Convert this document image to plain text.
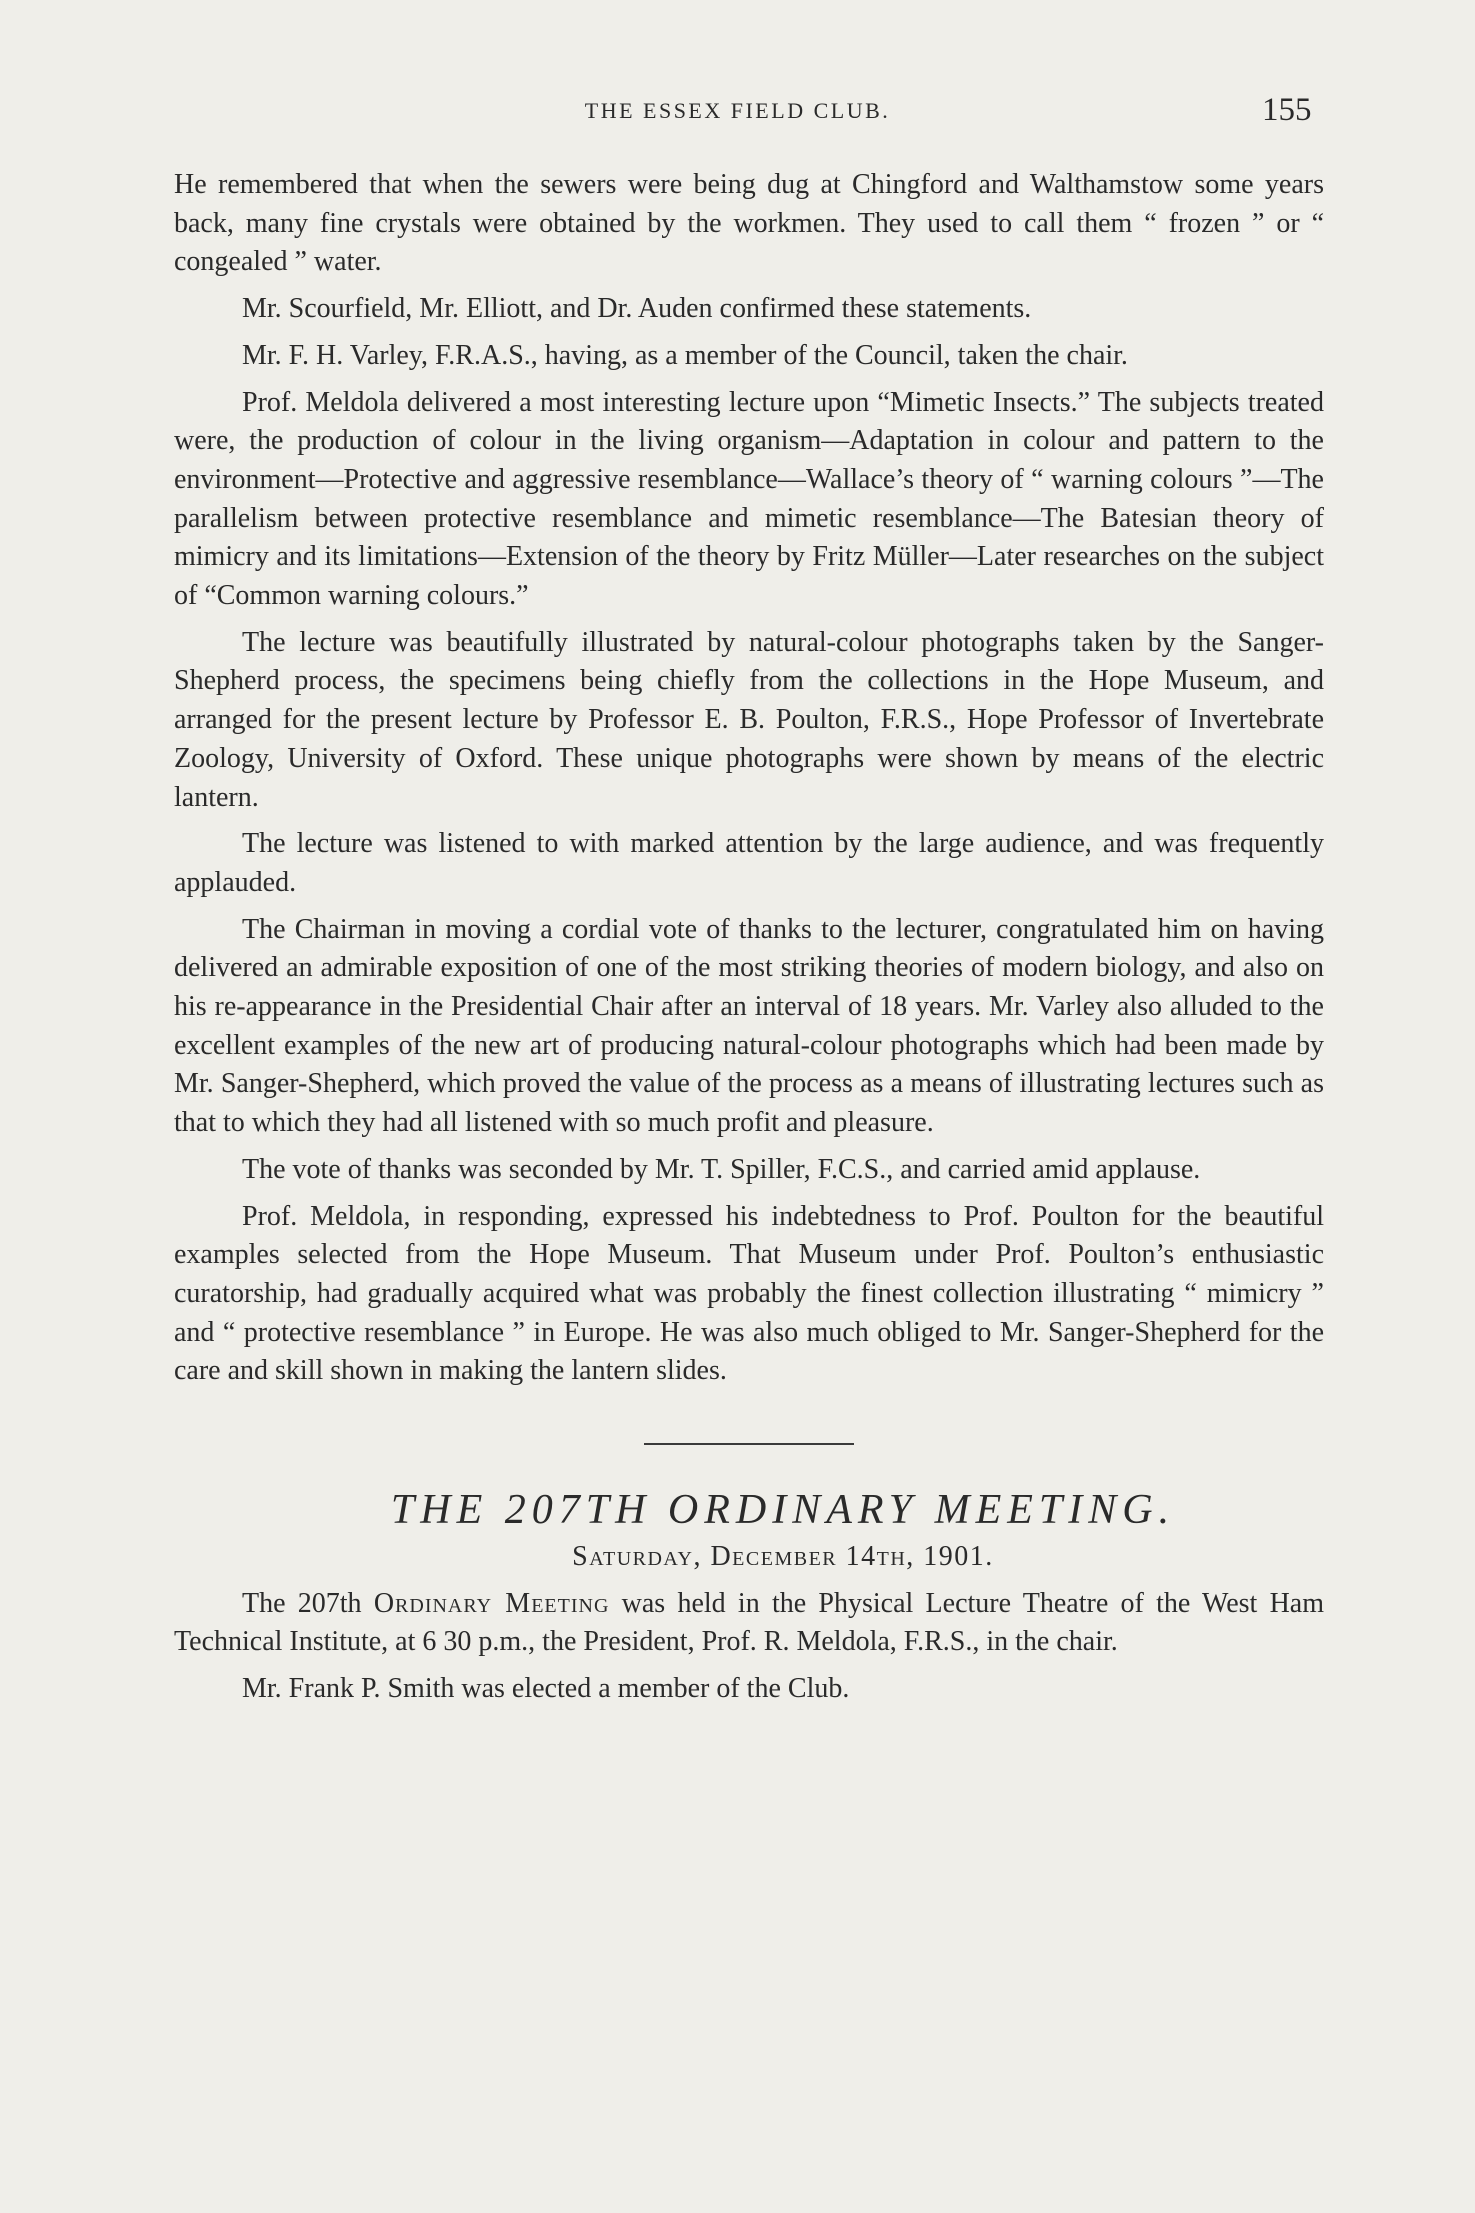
THE ESSEX FIELD CLUB.	155

He remembered that when the sewers were being dug at Chingford and Walthamstow some years back, many fine crystals were obtained by the workmen. They used to call them “ frozen ” or “ congealed ” water.

Mr. Scourfield, Mr. Elliott, and Dr. Auden confirmed these statements.

Mr. F. H. Varley, F.R.A.S., having, as a member of the Council, taken the chair.

Prof. Meldola delivered a most interesting lecture upon “Mimetic Insects.” The subjects treated were, the production of colour in the living organism—Adaptation in colour and pattern to the environment—Protective and aggressive resemblance—Wallace’s theory of “ warning colours ”—The parallelism between protective resemblance and mimetic resemblance—The Batesian theory of mimicry and its limitations—Extension of the theory by Fritz Müller—Later researches on the subject of “Common warning colours.”

The lecture was beautifully illustrated by natural-colour photographs taken by the Sanger-Shepherd process, the specimens being chiefly from the collections in the Hope Museum, and arranged for the present lecture by Professor E. B. Poulton, F.R.S., Hope Professor of Invertebrate Zoology, University of Oxford. These unique photographs were shown by means of the electric lantern.

The lecture was listened to with marked attention by the large audience, and was frequently applauded.

The Chairman in moving a cordial vote of thanks to the lecturer, congratulated him on having delivered an admirable exposition of one of the most striking theories of modern biology, and also on his re-appearance in the Presidential Chair after an interval of 18 years. Mr. Varley also alluded to the excellent examples of the new art of producing natural-colour photographs which had been made by Mr. Sanger-Shepherd, which proved the value of the process as a means of illustrating lectures such as that to which they had all listened with so much profit and pleasure.

The vote of thanks was seconded by Mr. T. Spiller, F.C.S., and carried amid applause.

Prof. Meldola, in responding, expressed his indebtedness to Prof. Poulton for the beautiful examples selected from the Hope Museum. That Museum under Prof. Poulton’s enthusiastic curatorship, had gradually acquired what was probably the finest collection illustrating “ mimicry ” and “ protective resemblance ” in Europe. He was also much obliged to Mr. Sanger-Shepherd for the care and skill shown in making the lantern slides.

THE 207TH ORDINARY MEETING.

Saturday, December 14th, 1901.

The 207th Ordinary Meeting was held in the Physical Lecture Theatre of the West Ham Technical Institute, at 6 30 p.m., the President, Prof. R. Meldola, F.R.S., in the chair.

Mr. Frank P. Smith was elected a member of the Club.
